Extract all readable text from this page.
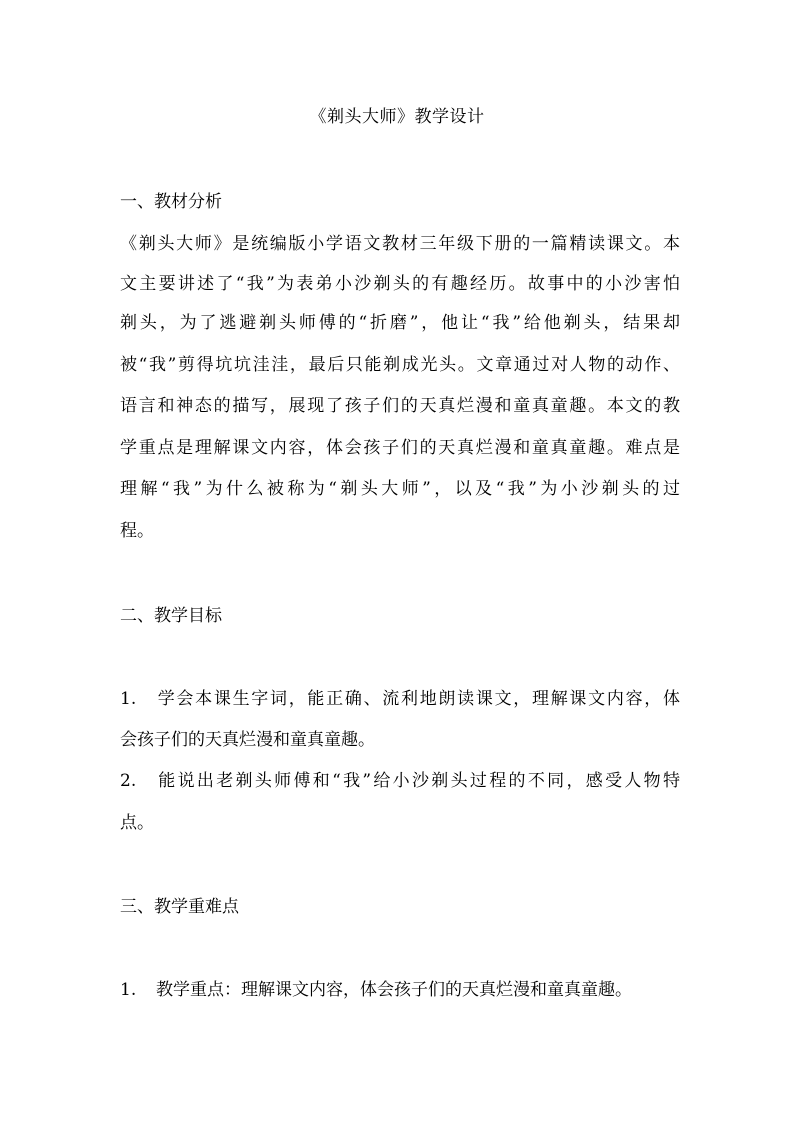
《剃头大师》教学设计
一、教材分析
《剃头大师》是统编版小学语文教材三年级下册的一篇精读课文。本
文主要讲述了“我”为表弟小沙剃头的有趣经历。故事中的小沙害怕
剃头，为了逃避剃头师傅的“折磨”，他让“我”给他剃头，结果却
被“我”剪得坑坑洼洼，最后只能剃成光头。文章通过对人物的动作、
语言和神态的描写，展现了孩子们的天真烂漫和童真童趣。本文的教
学重点是理解课文内容，体会孩子们的天真烂漫和童真童趣。难点是
理解“我”为什么被称为“剃头大师”，以及“我”为小沙剃头的过
程。
二、教学目标
1. 学会本课生字词，能正确、流利地朗读课文，理解课文内容，体
会孩子们的天真烂漫和童真童趣。
2. 能说出老剃头师傅和“我”给小沙剃头过程的不同，感受人物特
点。
三、教学重难点
1. 教学重点：理解课文内容，体会孩子们的天真烂漫和童真童趣。
